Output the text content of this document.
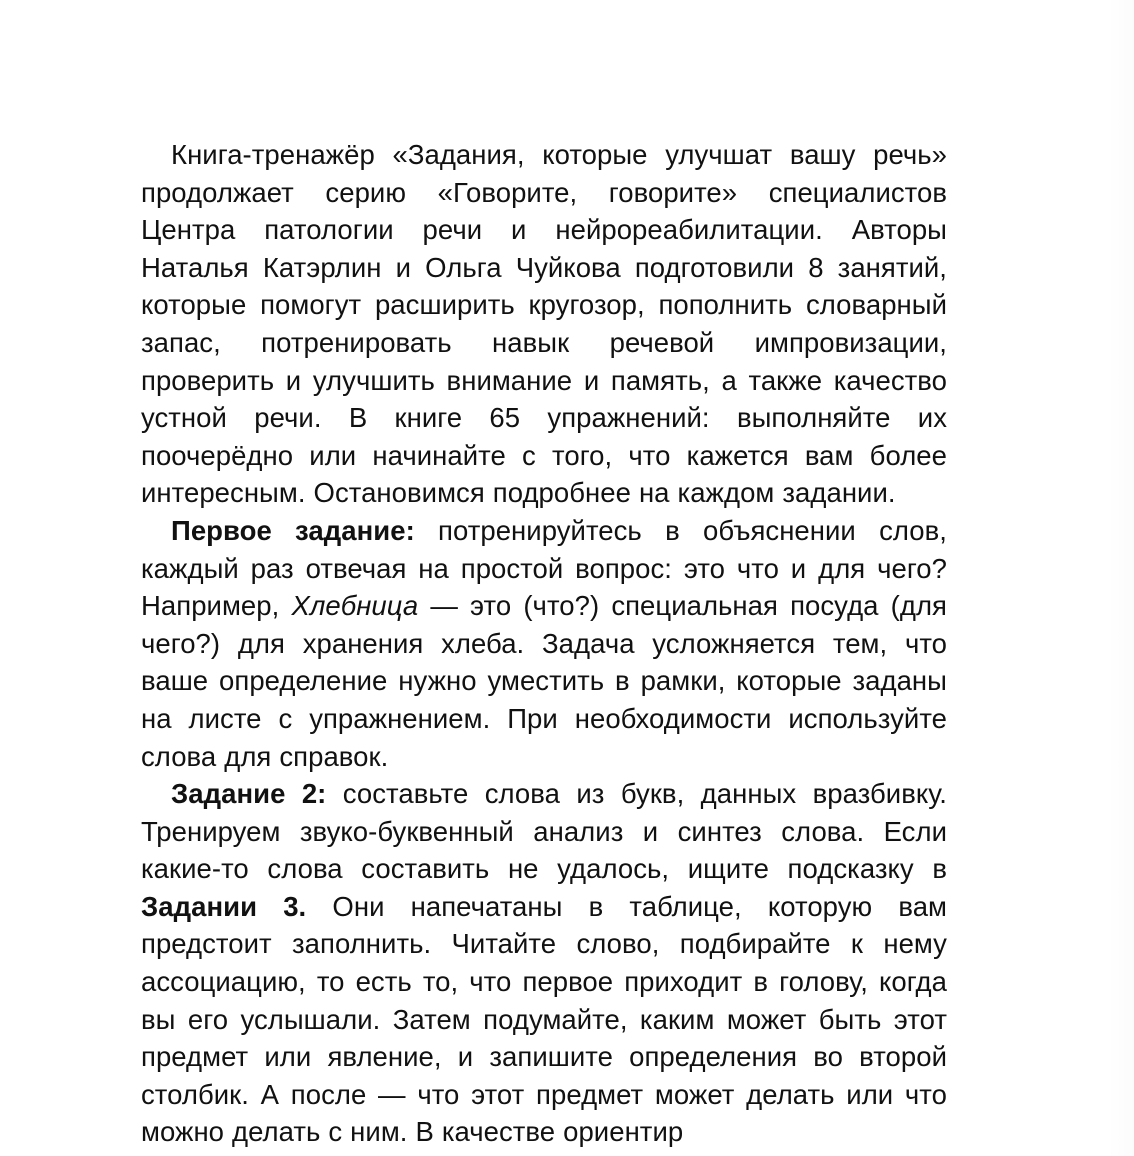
Книга-тренажёр «Задания, которые улучшат вашу речь» продолжает серию «Говорите, говорите» специалистов Центра патологии речи и нейрореабилитации. Авторы Наталья Катэрлин и Ольга Чуйкова подготовили 8 занятий, которые помогут расширить кругозор, пополнить словарный запас, потренировать навык речевой импровизации, проверить и улучшить внимание и память, а также качество устной речи. В книге 65 упражнений: выполняйте их поочерёдно или начинайте с того, что кажется вам более интересным. Остановимся подробнее на каждом задании.

Первое задание: потренируйтесь в объяснении слов, каждый раз отвечая на простой вопрос: это что и для чего? Например, Хлебница — это (что?) специальная посуда (для чего?) для хранения хлеба. Задача усложняется тем, что ваше определение нужно уместить в рамки, которые заданы на листе с упражнением. При необходимости используйте слова для справок.

Задание 2: составьте слова из букв, данных вразбивку. Тренируем звуко-буквенный анализ и синтез слова. Если какие-то слова составить не удалось, ищите подсказку в Задании 3. Они напечатаны в таблице, которую вам предстоит заполнить. Читайте слово, подбирайте к нему ассоциацию, то есть то, что первое приходит в голову, когда вы его услышали. Затем подумайте, каким может быть этот предмет или явление, и запишите определения во второй столбик. А после — что этот предмет может делать или что можно делать с ним. В качестве ориентир
